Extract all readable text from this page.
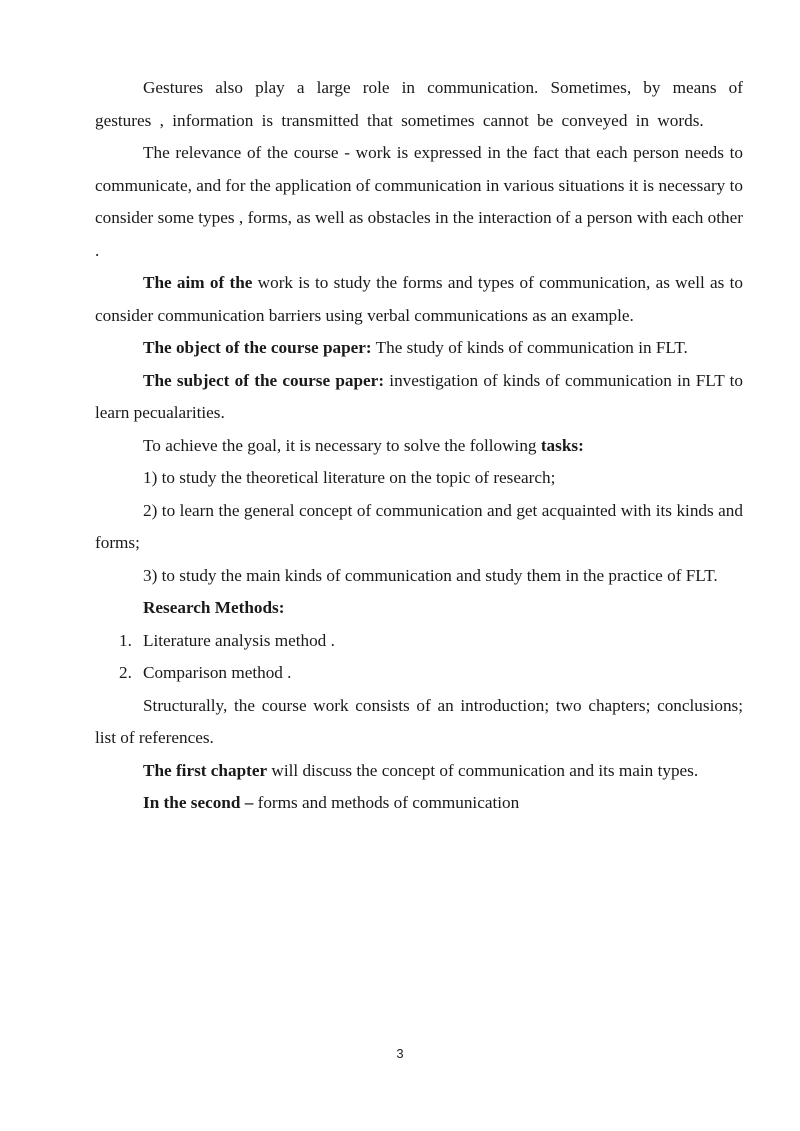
Gestures also play a large role in communication. Sometimes, by means of gestures , information is transmitted that sometimes cannot be conveyed in words.

The relevance of the course - work is expressed in the fact that each person needs to communicate, and for the application of communication in various situations it is necessary to consider some types , forms, as well as obstacles in the interaction of a person with each other .

The aim of the work is to study the forms and types of communication, as well as to consider communication barriers using verbal communications as an example.

The object of the course paper: The study of kinds of communication in FLT.

The subject of the course paper: investigation of kinds of communication in FLT to learn pecualarities.

To achieve the goal, it is necessary to solve the following tasks:

1) to study the theoretical literature on the topic of research;

2) to learn the general concept of communication and get acquainted with its kinds and forms;

3) to study the main kinds of communication and study them in the practice of FLT.

Research Methods:

1. Literature analysis method .
2. Comparison method .

Structurally, the course work consists of an introduction; two chapters; conclusions; list of references.

The first chapter will discuss the concept of communication and its main types.

In the second – forms and methods of communication

3
